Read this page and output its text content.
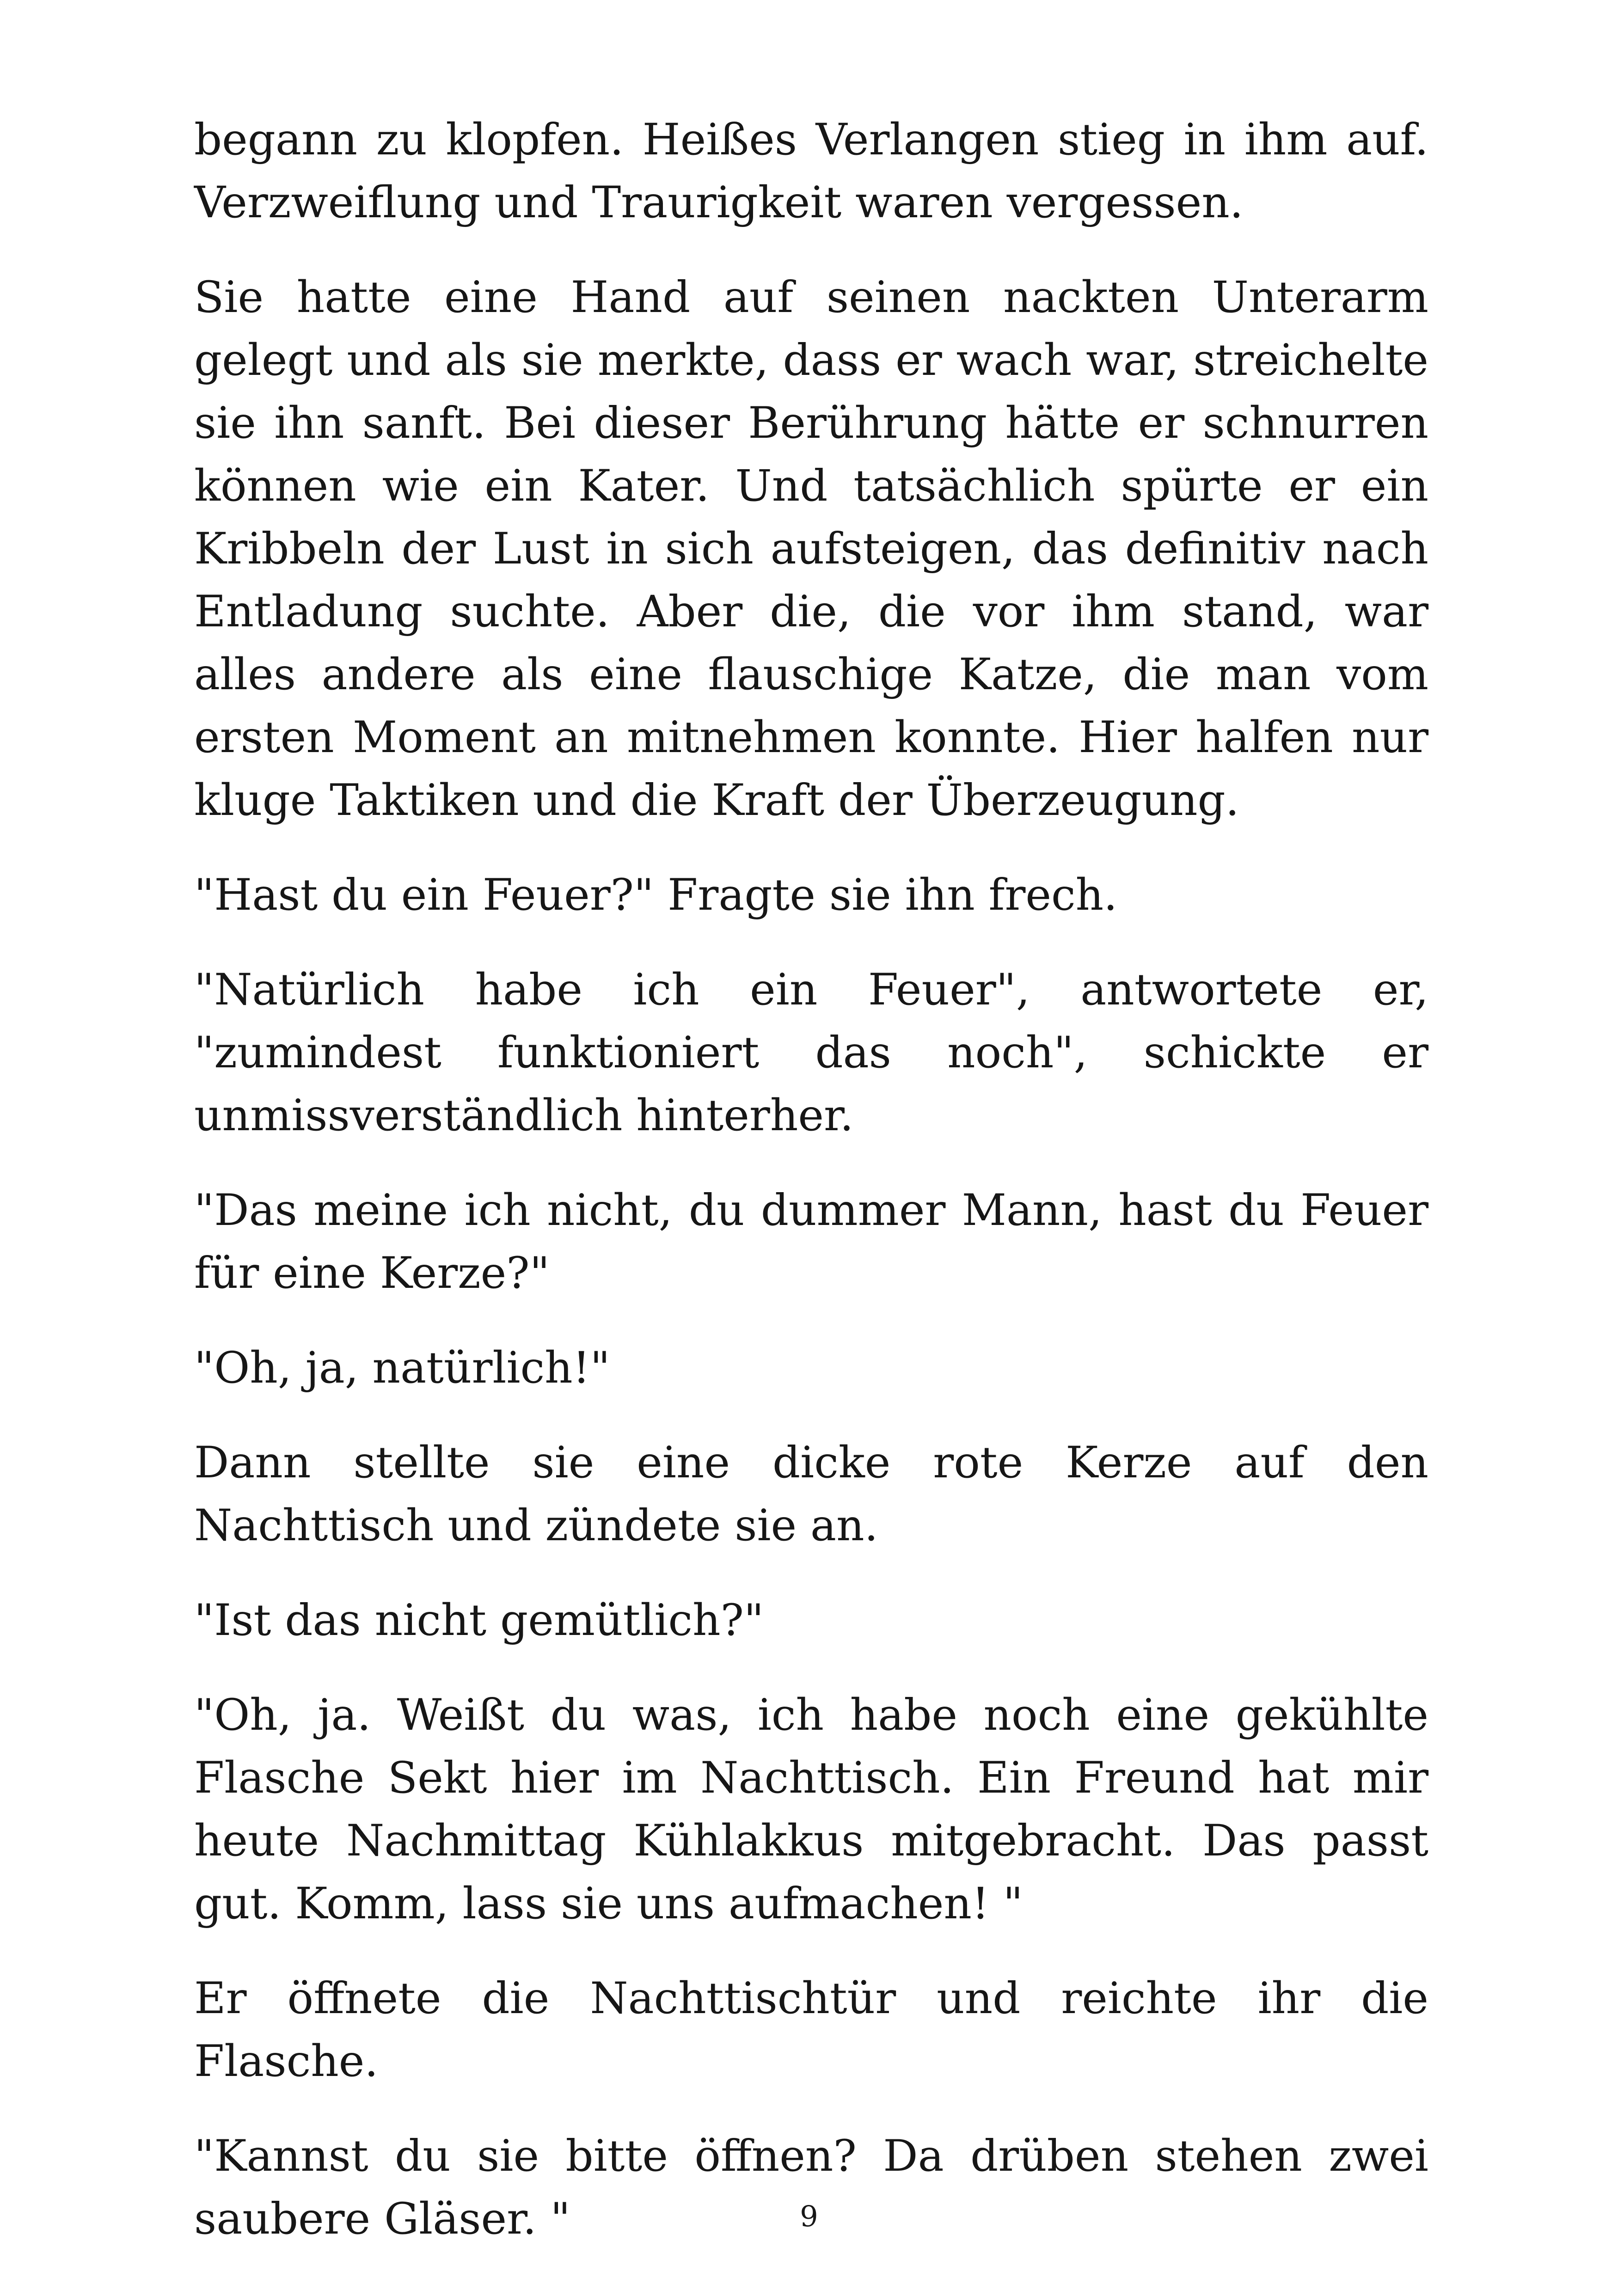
begann zu klopfen. Heißes Verlangen stieg in ihm auf. Verzweiflung und Traurigkeit waren vergessen.

Sie hatte eine Hand auf seinen nackten Unterarm gelegt und als sie merkte, dass er wach war, streichelte sie ihn sanft. Bei dieser Berührung hätte er schnurren können wie ein Kater. Und tatsächlich spürte er ein Kribbeln der Lust in sich aufsteigen, das definitiv nach Entladung suchte. Aber die, die vor ihm stand, war alles andere als eine flauschige Katze, die man vom ersten Moment an mitnehmen konnte. Hier halfen nur kluge Taktiken und die Kraft der Überzeugung.

"Hast du ein Feuer?" Fragte sie ihn frech.

"Natürlich habe ich ein Feuer", antwortete er, "zumindest funktioniert das noch", schickte er unmissverständlich hinterher.

"Das meine ich nicht, du dummer Mann, hast du Feuer für eine Kerze?"

"Oh, ja, natürlich!"

Dann stellte sie eine dicke rote Kerze auf den Nachttisch und zündete sie an.

"Ist das nicht gemütlich?"

"Oh, ja. Weißt du was, ich habe noch eine gekühlte Flasche Sekt hier im Nachttisch. Ein Freund hat mir heute Nachmittag Kühlakkus mitgebracht. Das passt gut. Komm, lass sie uns aufmachen! "

Er öffnete die Nachttischtür und reichte ihr die Flasche.

"Kannst du sie bitte öffnen? Da drüben stehen zwei saubere Gläser. "	9
